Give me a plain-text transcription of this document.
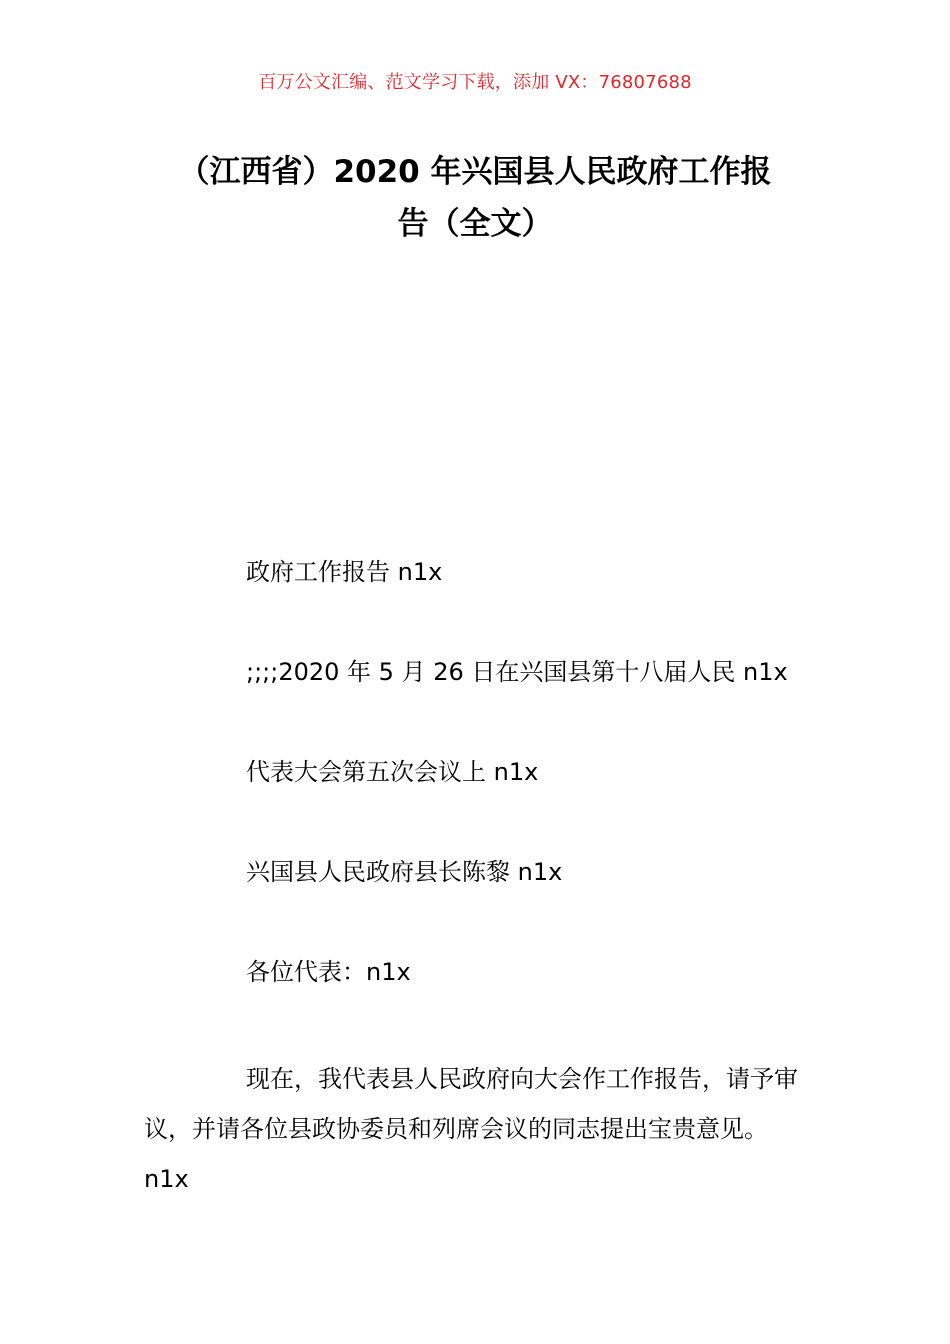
百万公文汇编、范文学习下载，添加 VX：76807688
（江西省）2020 年兴国县人民政府工作报
告（全文）
政府工作报告 n1x
;;;;2020 年 5 月 26 日在兴国县第十八届人民 n1x
代表大会第五次会议上 n1x
兴国县人民政府县长陈黎 n1x
各位代表：n1x

现在，我代表县人民政府向大会作工作报告，请予审议，并请各位县政协委员和列席会议的同志提出宝贵意见。n1x
